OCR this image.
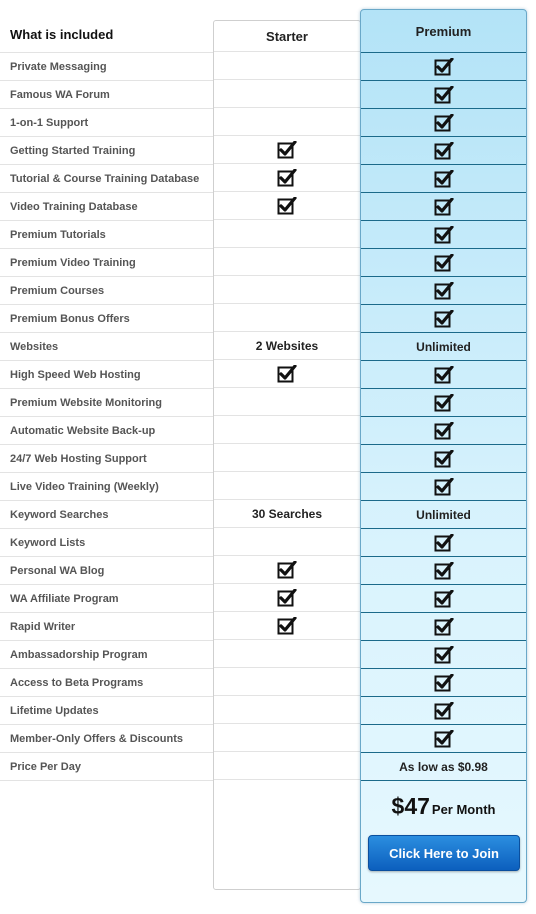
What is included
Private Messaging
Famous WA Forum
1-on-1 Support
Getting Started Training
Tutorial & Course Training Database
Video Training Database
Premium Tutorials
Premium Video Training
Premium Courses
Premium Bonus Offers
Websites
High Speed Web Hosting
Premium Website Monitoring
Automatic Website Back-up
24/7 Web Hosting Support
Live Video Training (Weekly)
Keyword Searches
Keyword Lists
Personal WA Blog
WA Affiliate Program
Rapid Writer
Ambassadorship Program
Access to Beta Programs
Lifetime Updates
Member-Only Offers & Discounts
Price Per Day
Starter
2 Websites
30 Searches
Premium
Unlimited
Unlimited
As low as $0.98
$47 Per Month
Click Here to Join
